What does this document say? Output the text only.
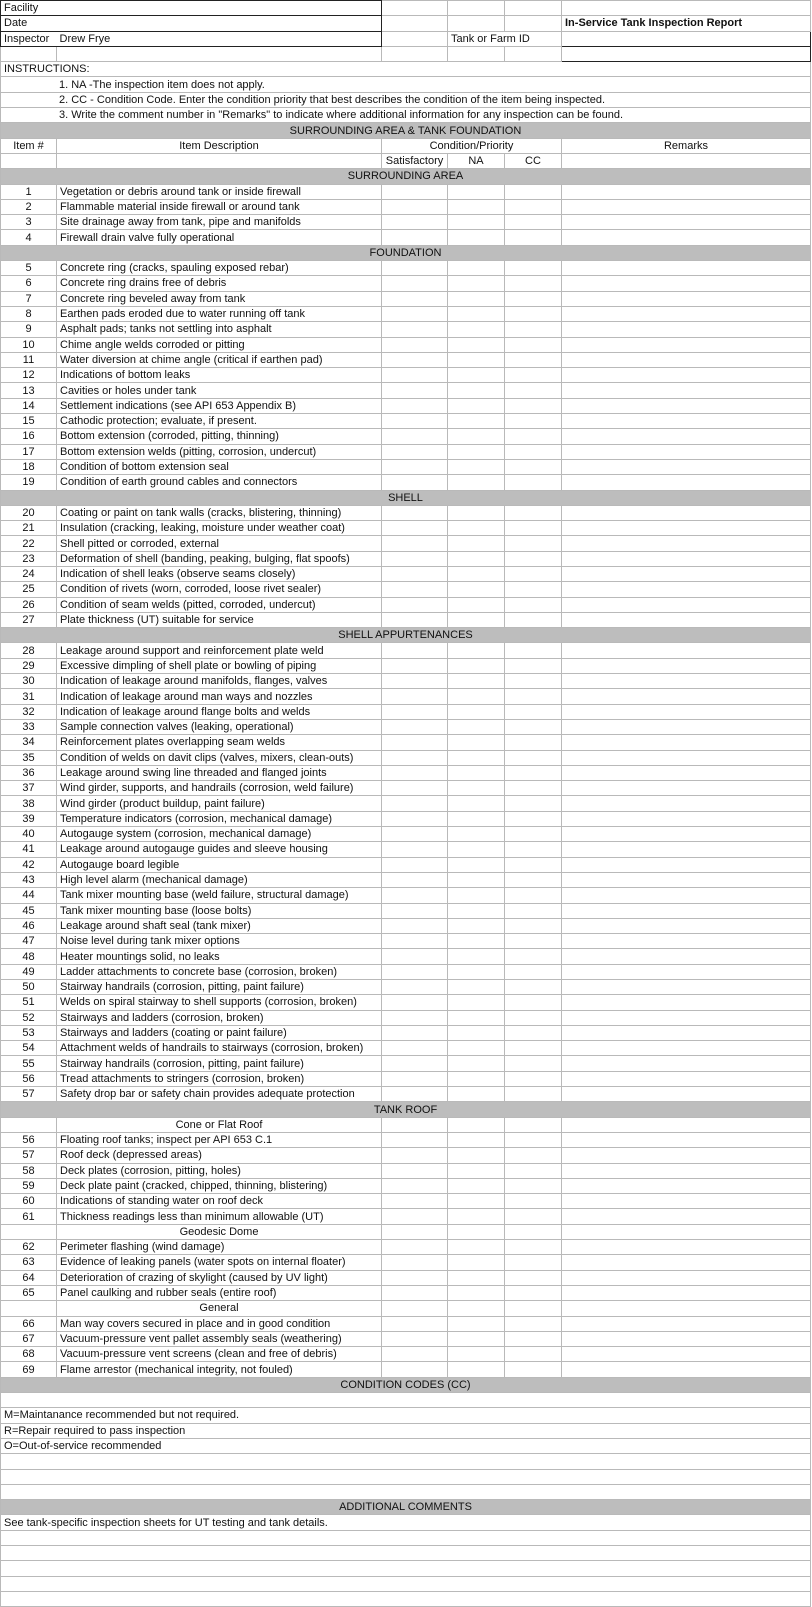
Facility					
Date					In-Service Tank Inspection Report
Inspector	Drew Frye		Tank or Farm ID		

INSTRUCTIONS:					
1. NA -The inspection item does not apply.					
2. CC - Condition Code. Enter the condition priority that best describes the condition of the item being inspected.					
3. Write the comment number in "Remarks" to indicate where additional information for any inspection can be found.					
SURROUNDING AREA & TANK FOUNDATION					
Item #	Item Description	Condition/Priority			Remarks
		Satisfactory	NA	CC	
SURROUNDING AREA					
1	Vegetation or debris around tank or inside firewall				
2	Flammable material inside firewall or around tank				
3	Site drainage away from tank, pipe and manifolds				
4	Firewall drain valve fully operational				
FOUNDATION					
5	Concrete ring (cracks, spauling exposed rebar)				
6	Concrete ring drains free of debris				
7	Concrete ring beveled away from tank				
8	Earthen pads eroded due to water running off tank				
9	Asphalt pads; tanks not settling into asphalt				
10	Chime angle welds corroded or pitting				
11	Water diversion at chime angle (critical if earthen pad)				
12	Indications of bottom leaks				
13	Cavities or holes under tank				
14	Settlement indications (see API 653 Appendix B)				
15	Cathodic protection; evaluate, if present.				
16	Bottom extension (corroded, pitting, thinning)				
17	Bottom extension welds (pitting, corrosion, undercut)				
18	Condition of bottom extension seal				
19	Condition of earth ground cables and connectors				
SHELL					
20	Coating or paint on tank walls (cracks, blistering, thinning)				
21	Insulation (cracking, leaking, moisture under weather coat)				
22	Shell pitted or corroded, external				
23	Deformation of shell (banding, peaking, bulging, flat spoofs)				
24	Indication of shell leaks (observe seams closely)				
25	Condition of rivets (worn, corroded, loose rivet sealer)				
26	Condition of seam welds (pitted, corroded, undercut)				
27	Plate thickness (UT) suitable for service				
SHELL APPURTENANCES					
28	Leakage around support and reinforcement plate weld				
29	Excessive dimpling of shell plate or bowling of piping				
30	Indication of leakage around manifolds, flanges, valves				
31	Indication of leakage around man ways and nozzles				
32	Indication of leakage around flange bolts and welds				
33	Sample connection valves (leaking, operational)				
34	Reinforcement plates overlapping seam welds				
35	Condition of welds on davit clips (valves, mixers, clean-outs)				
36	Leakage around swing line threaded and flanged joints				
37	Wind girder, supports, and handrails (corrosion, weld failure)				
38	Wind girder (product buildup, paint failure)				
39	Temperature indicators (corrosion, mechanical damage)				
40	Autogauge system (corrosion, mechanical damage)				
41	Leakage around autogauge guides and sleeve housing				
42	Autogauge board legible				
43	High level alarm (mechanical damage)				
44	Tank mixer mounting base (weld failure, structural damage)				
45	Tank mixer mounting base (loose bolts)				
46	Leakage around shaft seal (tank mixer)				
47	Noise level during tank mixer options				
48	Heater mountings solid, no leaks				
49	Ladder attachments to concrete base (corrosion, broken)				
50	Stairway handrails (corrosion, pitting, paint failure)				
51	Welds on spiral stairway to shell supports (corrosion, broken)				
52	Stairways and ladders (corrosion, broken)				
53	Stairways and ladders (coating or paint failure)				
54	Attachment welds of handrails to stairways (corrosion, broken)				
55	Stairway handrails (corrosion, pitting, paint failure)				
56	Tread attachments to stringers (corrosion, broken)				
57	Safety drop bar or safety chain provides adequate protection				
TANK ROOF					
	Cone or Flat Roof				
56	Floating roof tanks; inspect per API 653 C.1				
57	Roof deck (depressed areas)				
58	Deck plates (corrosion, pitting, holes)				
59	Deck plate paint (cracked, chipped, thinning, blistering)				
60	Indications of standing water on roof deck				
61	Thickness readings less than minimum allowable (UT)				
	Geodesic Dome				
62	Perimeter flashing (wind damage)				
63	Evidence of leaking panels (water spots on internal floater)				
64	Deterioration of crazing of skylight (caused by UV light)				
65	Panel caulking and rubber seals (entire roof)				
	General				
66	Man way covers secured in place and in good condition				
67	Vacuum-pressure vent pallet assembly seals (weathering)				
68	Vacuum-pressure vent screens (clean and free of debris)				
69	Flame arrestor (mechanical integrity, not fouled)				
CONDITION CODES (CC)					

M=Maintanance recommended but not required.					
R=Repair required to pass inspection					
O=Out-of-service recommended					

ADDITIONAL COMMENTS					
See tank-specific inspection sheets for UT testing and tank details.					
